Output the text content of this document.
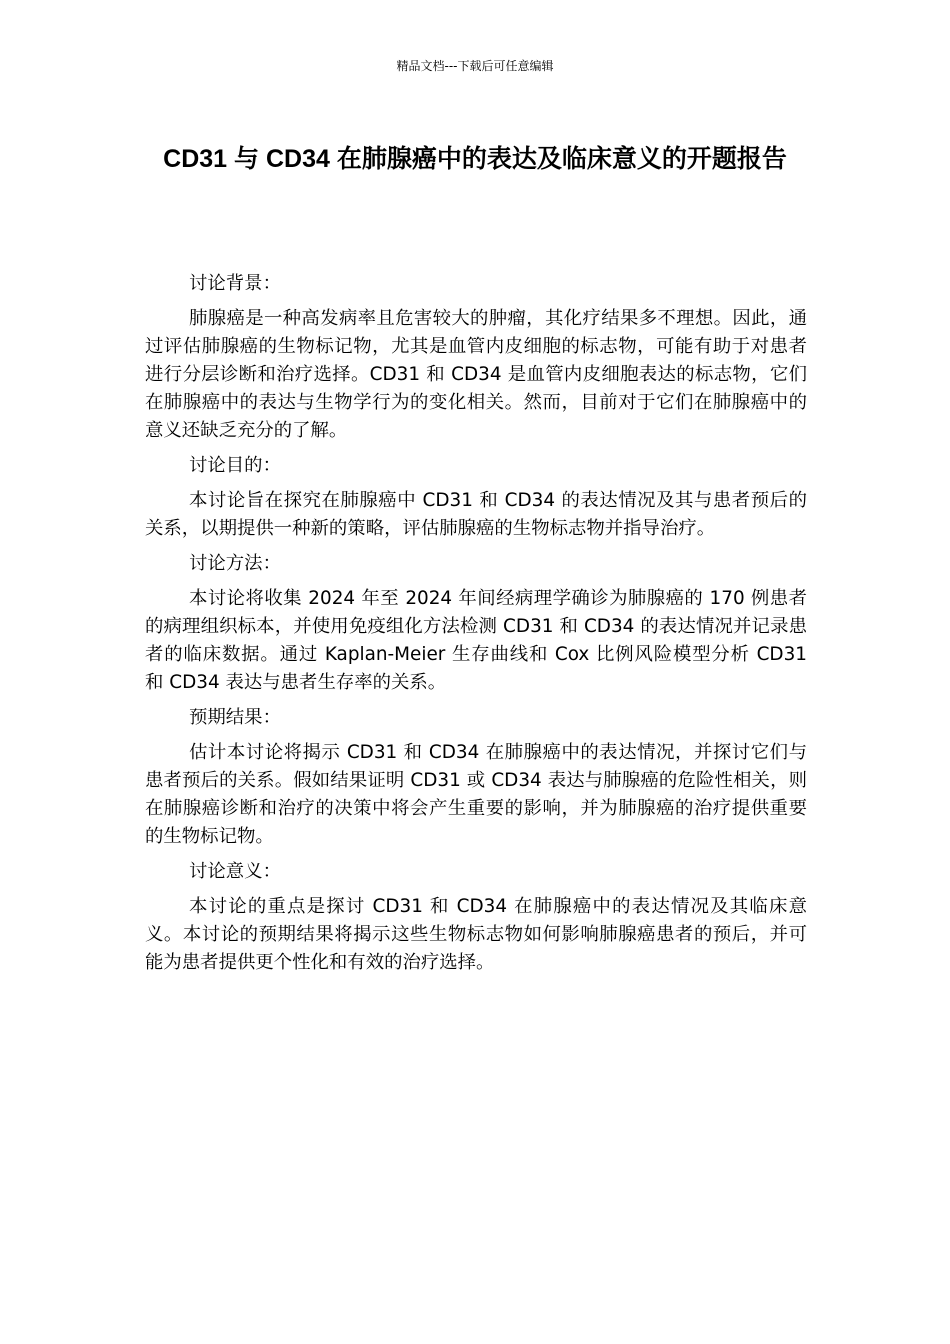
精品文档---下载后可任意编辑
CD31 与 CD34 在肺腺癌中的表达及临床意义的开题报告

讨论背景：

肺腺癌是一种高发病率且危害较大的肿瘤，其化疗结果多不理想。因此，通过评估肺腺癌的生物标记物，尤其是血管内皮细胞的标志物，可能有助于对患者进行分层诊断和治疗选择。CD31 和 CD34 是血管内皮细胞表达的标志物，它们在肺腺癌中的表达与生物学行为的变化相关。然而，目前对于它们在肺腺癌中的意义还缺乏充分的了解。

讨论目的：

本讨论旨在探究在肺腺癌中 CD31 和 CD34 的表达情况及其与患者预后的关系，以期提供一种新的策略，评估肺腺癌的生物标志物并指导治疗。

讨论方法：

本讨论将收集 2024 年至 2024 年间经病理学确诊为肺腺癌的 170 例患者的病理组织标本，并使用免疫组化方法检测 CD31 和 CD34 的表达情况并记录患者的临床数据。通过 Kaplan-Meier 生存曲线和 Cox 比例风险模型分析 CD31 和 CD34 表达与患者生存率的关系。

预期结果：

估计本讨论将揭示 CD31 和 CD34 在肺腺癌中的表达情况，并探讨它们与患者预后的关系。假如结果证明 CD31 或 CD34 表达与肺腺癌的危险性相关，则在肺腺癌诊断和治疗的决策中将会产生重要的影响，并为肺腺癌的治疗提供重要的生物标记物。

讨论意义：

本讨论的重点是探讨 CD31 和 CD34 在肺腺癌中的表达情况及其临床意义。本讨论的预期结果将揭示这些生物标志物如何影响肺腺癌患者的预后，并可能为患者提供更个性化和有效的治疗选择。
